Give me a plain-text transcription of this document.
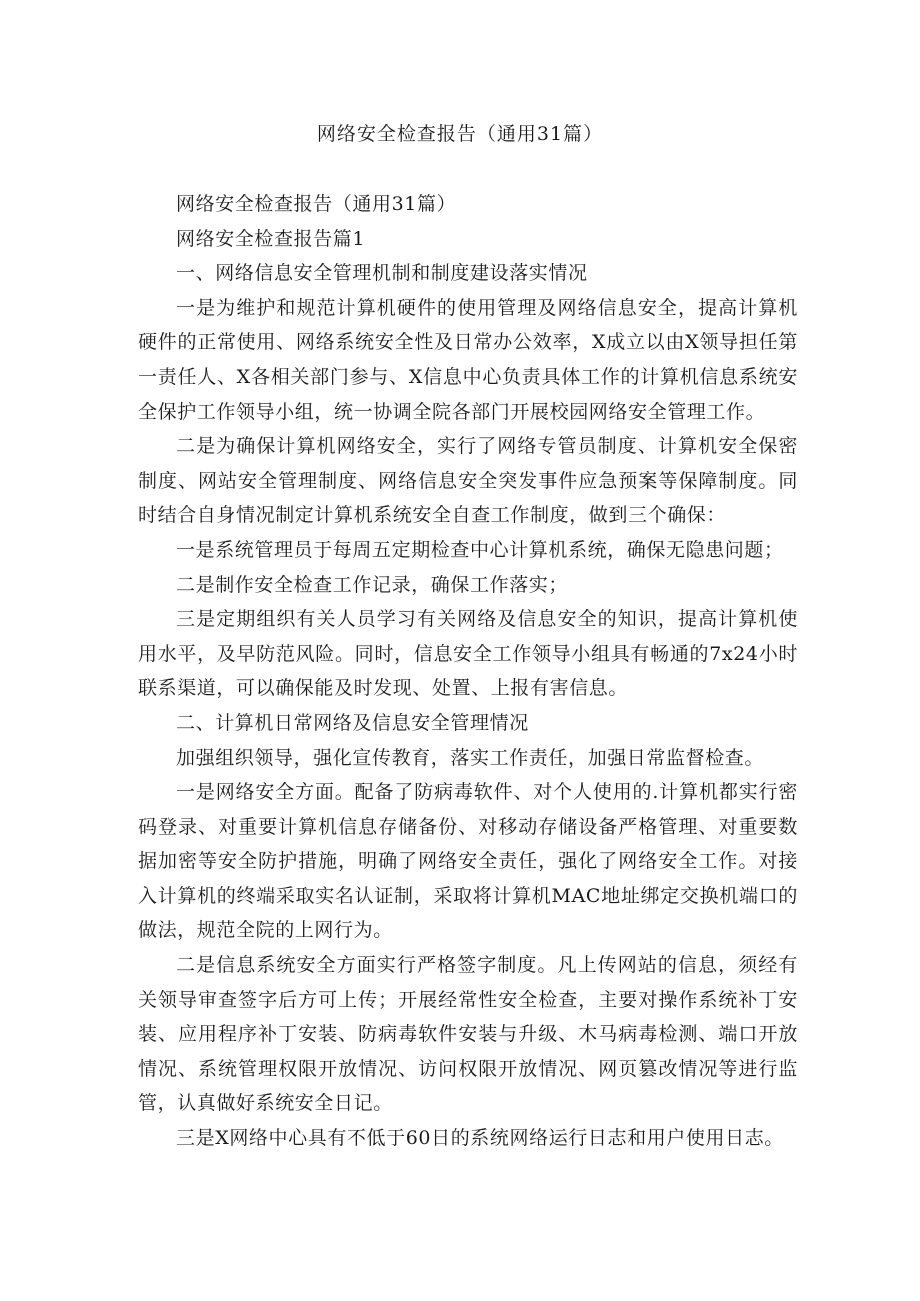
网络安全检查报告（通用31篇）

网络安全检查报告（通用31篇）

网络安全检查报告篇1

一、网络信息安全管理机制和制度建设落实情况

一是为维护和规范计算机硬件的使用管理及网络信息安全，提高计算机硬件的正常使用、网络系统安全性及日常办公效率，X成立以由X领导担任第一责任人、X各相关部门参与、X信息中心负责具体工作的计算机信息系统安全保护工作领导小组，统一协调全院各部门开展校园网络安全管理工作。

二是为确保计算机网络安全，实行了网络专管员制度、计算机安全保密制度、网站安全管理制度、网络信息安全突发事件应急预案等保障制度。同时结合自身情况制定计算机系统安全自查工作制度，做到三个确保：

一是系统管理员于每周五定期检查中心计算机系统，确保无隐患问题；

二是制作安全检查工作记录，确保工作落实；

三是定期组织有关人员学习有关网络及信息安全的知识，提高计算机使用水平，及早防范风险。同时，信息安全工作领导小组具有畅通的7x24小时联系渠道，可以确保能及时发现、处置、上报有害信息。

二、计算机日常网络及信息安全管理情况

加强组织领导，强化宣传教育，落实工作责任，加强日常监督检查。

一是网络安全方面。配备了防病毒软件、对个人使用的.计算机都实行密码登录、对重要计算机信息存储备份、对移动存储设备严格管理、对重要数据加密等安全防护措施，明确了网络安全责任，强化了网络安全工作。对接入计算机的终端采取实名认证制，采取将计算机MAC地址绑定交换机端口的做法，规范全院的上网行为。

二是信息系统安全方面实行严格签字制度。凡上传网站的信息，须经有关领导审查签字后方可上传；开展经常性安全检查，主要对操作系统补丁安装、应用程序补丁安装、防病毒软件安装与升级、木马病毒检测、端口开放情况、系统管理权限开放情况、访问权限开放情况、网页篡改情况等进行监管，认真做好系统安全日记。

三是X网络中心具有不低于60日的系统网络运行日志和用户使用日志。
